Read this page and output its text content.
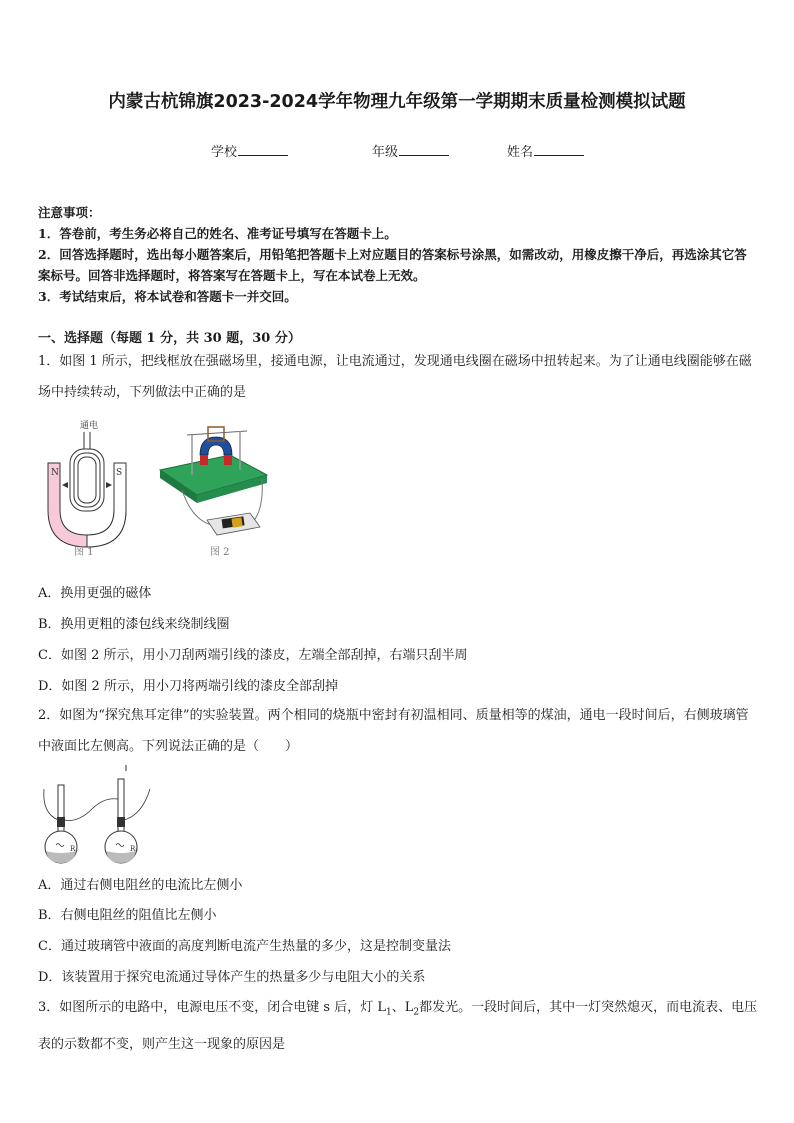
内蒙古杭锦旗2023-2024学年物理九年级第一学期期末质量检测模拟试题
学校	年级	姓名

注意事项：

1．答卷前，考生务必将自己的姓名、准考证号填写在答题卡上。

2．回答选择题时，选出每小题答案后，用铅笔把答题卡上对应题目的答案标号涂黑，如需改动，用橡皮擦干净后，再选涂其它答案标号。回答非选择题时，将答案写在答题卡上，写在本试卷上无效。

3．考试结束后，将本试卷和答题卡一并交回。

一、选择题（每题 1 分，共 30 题，30 分）

1．如图 1 所示，把线框放在强磁场里，接通电源，让电流通过，发现通电线圈在磁场中扭转起来。为了让通电线圈能够在磁场中持续转动，下列做法中正确的是

通电
N	S
图 1	图 2
A．换用更强的磁体
B．换用更粗的漆包线来绕制线圈
C．如图 2 所示，用小刀刮两端引线的漆皮，左端全部刮掉，右端只刮半周
D．如图 2 所示，用小刀将两端引线的漆皮全部刮掉

2．如图为“探究焦耳定律”的实验装置。两个相同的烧瓶中密封有初温相同、质量相等的煤油，通电一段时间后，右侧玻璃管中液面比左侧高。下列说法正确的是（　　）

R₁	R₂
A．通过右侧电阻丝的电流比左侧小
B．右侧电阻丝的阻值比左侧小
C．通过玻璃管中液面的高度判断电流产生热量的多少，这是控制变量法
D．该装置用于探究电流通过导体产生的热量多少与电阻大小的关系

3．如图所示的电路中，电源电压不变，闭合电键 s 后，灯 $L_1$、$L_2$都发光。一段时间后，其中一灯突然熄灭，而电流表、电压表的示数都不变，则产生这一现象的原因是
